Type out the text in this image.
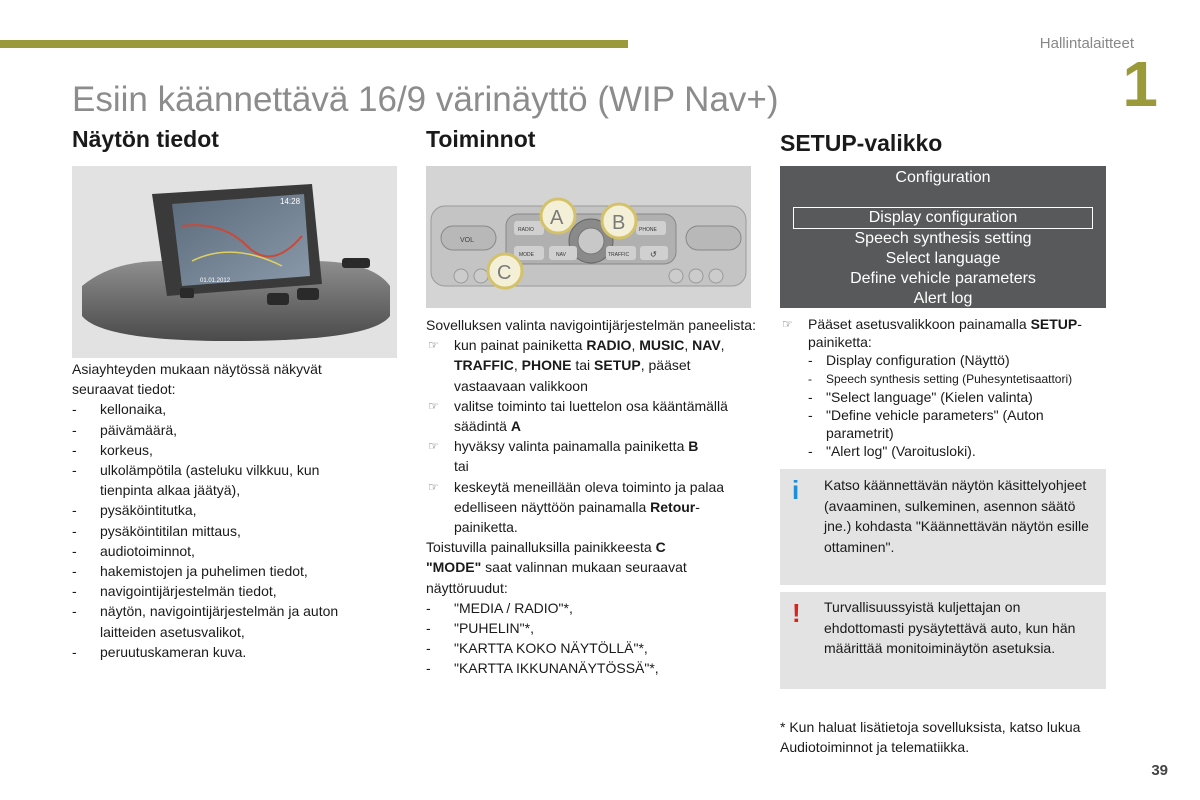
Hallintalaitteet
1
Esiin käännettävä 16/9 värinäyttö (WIP Nav+)
Näytön tiedot
14:28
01.01.2012

Asiayhteyden mukaan näytössä näkyvät seuraavat tiedot:

- kellonaika,
- päivämäärä,
- korkeus,
- ulkolämpötila (asteluku vilkkuu, kun tienpinta alkaa jäätyä),
- pysäköintitutka,
- pysäköintitilan mittaus,
- audiotoiminnot,
- hakemistojen ja puhelimen tiedot,
- navigointijärjestelmän tiedot,
- näytön, navigointijärjestelmän ja auton laitteiden asetusvalikot,
- peruutuskameran kuva.
Toiminnot
VOL
RADIO	PHONE
MODE	NAV	TRAFFIC	↺
A B
C

Sovelluksen valinta navigointijärjestelmän paneelista:

☞ kun painat painiketta RADIO, MUSIC, NAV, TRAFFIC, PHONE tai SETUP, pääset vastaavaan valikkoon
☞ valitse toiminto tai luettelon osa kääntämällä säädintä A
☞ hyväksy valinta painamalla painiketta B

tai

☞ keskeytä meneillään oleva toiminto ja palaa edelliseen näyttöön painamalla Retour-painiketta.

Toistuvilla painalluksilla painikkeesta C
"MODE" saat valinnan mukaan seuraavat näyttöruudut:

- "MEDIA / RADIO"*,
- "PUHELIN"*,
- "KARTTA KOKO NÄYTÖLLÄ"*,
- "KARTTA IKKUNANÄYTÖSSÄ"*,
SETUP-valikko
Configuration
Display configuration
Speech synthesis setting
Select language
Define vehicle parameters
Alert log
☞ Pääset asetusvalikkoon painamalla SETUP-painiketta:
- Display configuration (Näyttö)
- Speech synthesis setting (Puhesyntetisaattori)
- "Select language" (Kielen valinta)
- "Define vehicle parameters" (Auton parametrit)
- "Alert log" (Varoitusloki).
i Katso käännettävän näytön käsittelyohjeet (avaaminen, sulkeminen, asennon säätö jne.) kohdasta "Käännettävän näytön esille ottaminen".
! Turvallisuussyistä kuljettajan on ehdottomasti pysäytettävä auto, kun hän määrittää monitoiminäytön asetuksia.
* Kun haluat lisätietoja sovelluksista, katso lukua Audiotoiminnot ja telematiikka.
39
